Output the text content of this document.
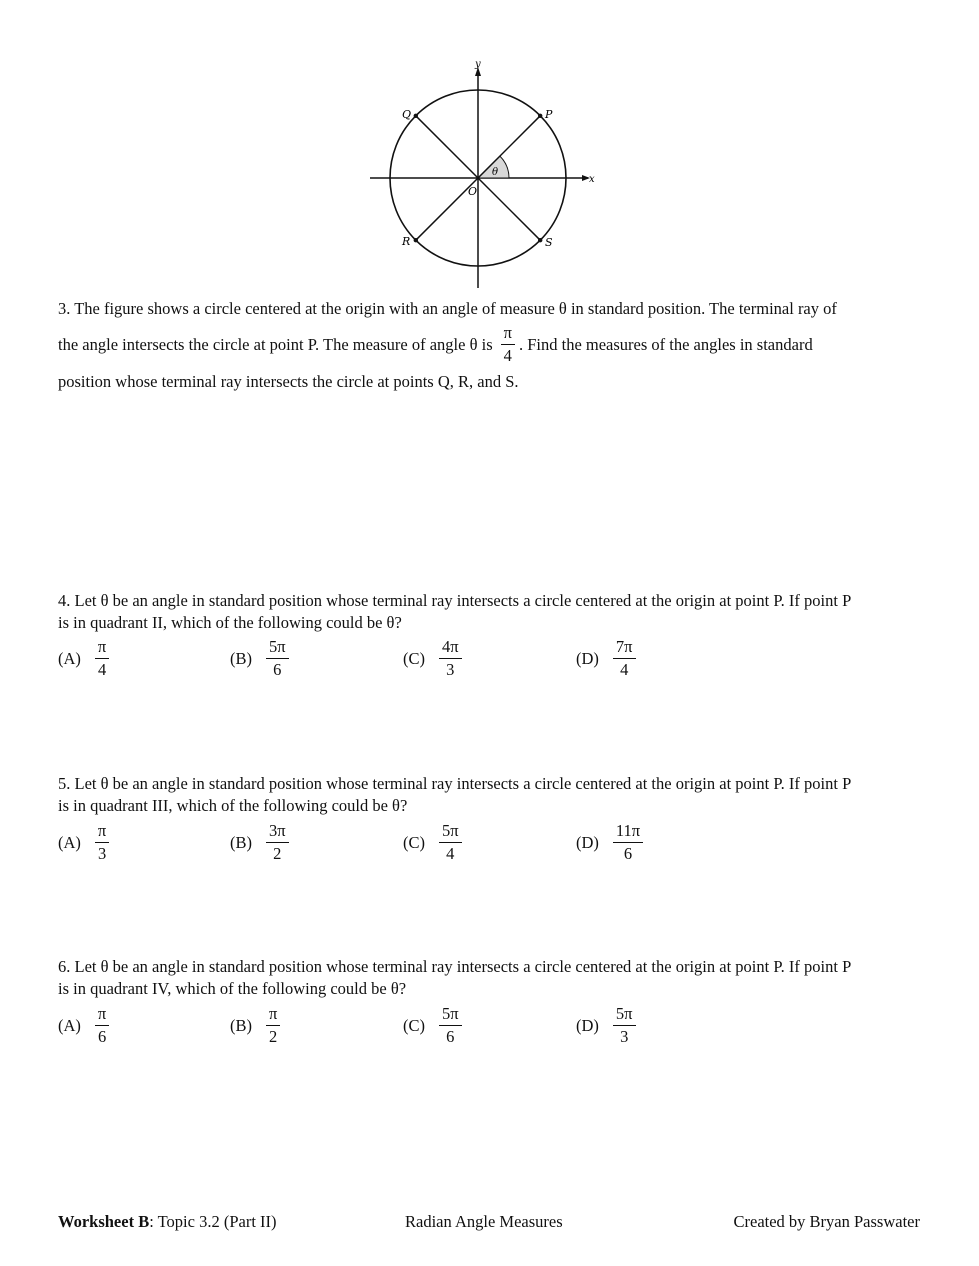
y
x
O
θ
P
Q
R	S
3. The figure shows a circle centered at the origin with an angle of measure θ in standard position. The terminal ray of
the angle intersects the circle at point P. The measure of angle θ is $\frac{\pi}{4}$ . Find the measures of the angles in standard
position whose terminal ray intersects the circle at points Q, R, and S.
4. Let θ be an angle in standard position whose terminal ray intersects a circle centered at the origin at point P. If point P
is in quadrant II, which of the following could be θ?
$(A) \frac{\pi}{4}$	$(B) \frac{5\pi}{6}$	$(C) \frac{4\pi}{3}$	$(D) \frac{7\pi}{4}$
5. Let θ be an angle in standard position whose terminal ray intersects a circle centered at the origin at point P. If point P
is in quadrant III, which of the following could be θ?
$(A) \frac{\pi}{3}$	$(B) \frac{3\pi}{2}$	$(C) \frac{5\pi}{4}$	$(D) \frac{11\pi}{6}$
6. Let θ be an angle in standard position whose terminal ray intersects a circle centered at the origin at point P. If point P
is in quadrant IV, which of the following could be θ?
$(A) \frac{\pi}{6}$	$(B) \frac{\pi}{2}$	$(C) \frac{5\pi}{6}$	$(D) \frac{5\pi}{3}$
Worksheet B: Topic 3.2 (Part II)	Radian Angle Measures	Created by Bryan Passwater
